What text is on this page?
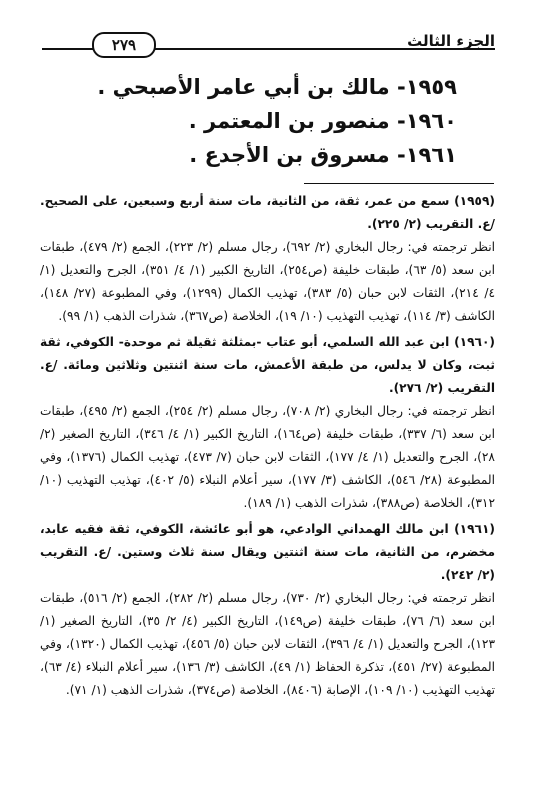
٢٧٩	الجزء الثالث
١٩٥٩- مالك بن أبي عامر الأصبحي .
١٩٦٠- منصور بن المعتمر .
١٩٦١- مسروق بن الأجدع .

(١٩٥٩) سمع من عمر، ثقة، من الثانية، مات سنة أربع وسبعين، على الصحيح. /ع. التقريب (٢/ ٢٢٥).

انظر ترجمته في: رجال البخاري (٢/ ٦٩٢)، رجال مسلم (٢/ ٢٢٣)، الجمع (٢/ ٤٧٩)، طبقات ابن سعد (٥/ ٦٣)، طبقات خليفة (ص٢٥٤)، التاريخ الكبير (١/ ٤/ ٣٥١)، الجرح والتعديل (١/ ٤/ ٢١٤)، الثقات لابن حبان (٥/ ٣٨٣)، تهذيب الكمال (١٢٩٩)، وفي المطبوعة (٢٧/ ١٤٨)، الكاشف (٣/ ١١٤)، تهذيب التهذيب (١٠/ ١٩)، الخلاصة (ص٣٦٧)، شذرات الذهب (١/ ٩٩).

(١٩٦٠) ابن عبد الله السلمي، أبو عتاب -بمثلثة ثقيلة ثم موحدة- الكوفي، ثقة ثبت، وكان لا يدلس، من طبقة الأعمش، مات سنة اثنتين وثلاثين ومائة. /ع. التقريب (٢/ ٢٧٦).

انظر ترجمته في: رجال البخاري (٢/ ٧٠٨)، رجال مسلم (٢/ ٢٥٤)، الجمع (٢/ ٤٩٥)، طبقات ابن سعد (٦/ ٣٣٧)، طبقات خليفة (ص١٦٤)، التاريخ الكبير (١/ ٤/ ٣٤٦)، التاريخ الصغير (٢/ ٢٨)، الجرح والتعديل (١/ ٤/ ١٧٧)، الثقات لابن حبان (٧/ ٤٧٣)، تهذيب الكمال (١٣٧٦)، وفي المطبوعة (٢٨/ ٥٤٦)، الكاشف (٣/ ١٧٧)، سير أعلام النبلاء (٥/ ٤٠٢)، تهذيب التهذيب (١٠/ ٣١٢)، الخلاصة (ص٣٨٨)، شذرات الذهب (١/ ١٨٩).

(١٩٦١) ابن مالك الهمداني الوادعي، هو أبو عائشة، الكوفي، ثقة فقيه عابد، مخضرم، من الثانية، مات سنة اثنتين ويقال سنة ثلاث وستين. /ع. التقريب (٢/ ٢٤٢).

انظر ترجمته في: رجال البخاري (٢/ ٧٣٠)، رجال مسلم (٢/ ٢٨٢)، الجمع (٢/ ٥١٦)، طبقات ابن سعد (٦/ ٧٦)، طبقات خليفة (ص١٤٩)، التاريخ الكبير (٤/ ٢/ ٣٥)، التاريخ الصغير (١/ ١٢٣)، الجرح والتعديل (١/ ٤/ ٣٩٦)، الثقات لابن حبان (٥/ ٤٥٦)، تهذيب الكمال (١٣٢٠)، وفي المطبوعة (٢٧/ ٤٥١)، تذكرة الحفاظ (١/ ٤٩)، الكاشف (٣/ ١٣٦)، سير أعلام النبلاء (٤/ ٦٣)، تهذيب التهذيب (١٠/ ١٠٩)، الإصابة (٨٤٠٦)، الخلاصة (ص٣٧٤)، شذرات الذهب (١/ ٧١).
